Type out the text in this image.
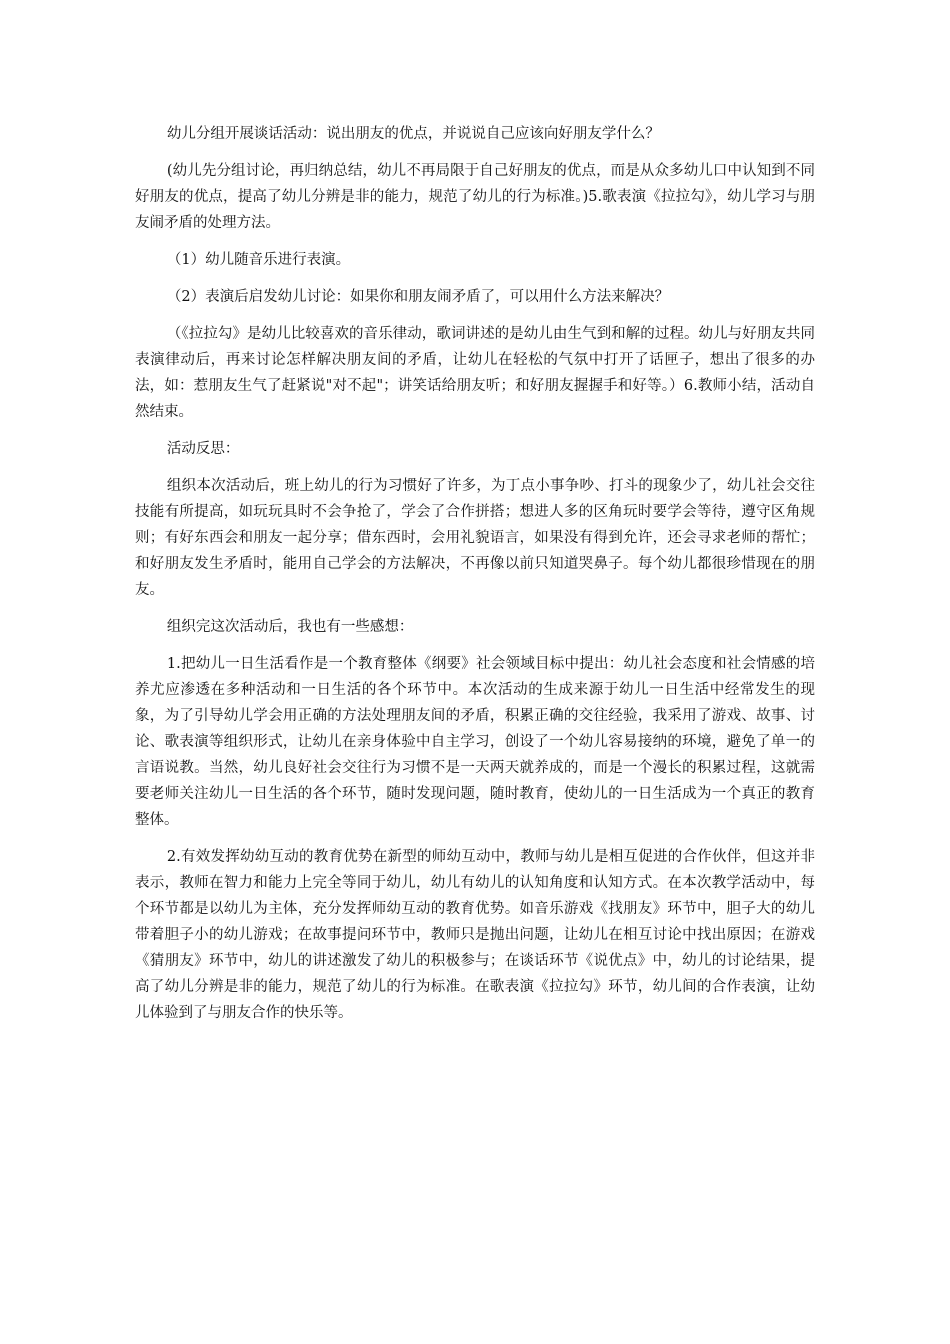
幼儿分组开展谈话活动：说出朋友的优点，并说说自己应该向好朋友学什么？

(幼儿先分组讨论，再归纳总结，幼儿不再局限于自己好朋友的优点，而是从众多幼儿口中认知到不同好朋友的优点，提高了幼儿分辨是非的能力，规范了幼儿的行为标准。)5.歌表演《拉拉勾》，幼儿学习与朋友闹矛盾的处理方法。

（1）幼儿随音乐进行表演。

（2）表演后启发幼儿讨论：如果你和朋友闹矛盾了，可以用什么方法来解决？

（《拉拉勾》是幼儿比较喜欢的音乐律动，歌词讲述的是幼儿由生气到和解的过程。幼儿与好朋友共同表演律动后，再来讨论怎样解决朋友间的矛盾，让幼儿在轻松的气氛中打开了话匣子，想出了很多的办法，如：惹朋友生气了赶紧说"对不起"；讲笑话给朋友听；和好朋友握握手和好等。）6.教师小结，活动自然结束。

活动反思：

组织本次活动后，班上幼儿的行为习惯好了许多，为丁点小事争吵、打斗的现象少了，幼儿社会交往技能有所提高，如玩玩具时不会争抢了，学会了合作拼搭；想进人多的区角玩时要学会等待，遵守区角规则；有好东西会和朋友一起分享；借东西时，会用礼貌语言，如果没有得到允许，还会寻求老师的帮忙；和好朋友发生矛盾时，能用自己学会的方法解决，不再像以前只知道哭鼻子。每个幼儿都很珍惜现在的朋友。

组织完这次活动后，我也有一些感想：

1.把幼儿一日生活看作是一个教育整体《纲要》社会领域目标中提出：幼儿社会态度和社会情感的培养尤应渗透在多种活动和一日生活的各个环节中。本次活动的生成来源于幼儿一日生活中经常发生的现象，为了引导幼儿学会用正确的方法处理朋友间的矛盾，积累正确的交往经验，我采用了游戏、故事、讨论、歌表演等组织形式，让幼儿在亲身体验中自主学习，创设了一个幼儿容易接纳的环境，避免了单一的言语说教。当然，幼儿良好社会交往行为习惯不是一天两天就养成的，而是一个漫长的积累过程，这就需要老师关注幼儿一日生活的各个环节，随时发现问题，随时教育，使幼儿的一日生活成为一个真正的教育整体。

2.有效发挥幼幼互动的教育优势在新型的师幼互动中，教师与幼儿是相互促进的合作伙伴，但这并非表示，教师在智力和能力上完全等同于幼儿，幼儿有幼儿的认知角度和认知方式。在本次教学活动中，每个环节都是以幼儿为主体，充分发挥师幼互动的教育优势。如音乐游戏《找朋友》环节中，胆子大的幼儿带着胆子小的幼儿游戏；在故事提问环节中，教师只是抛出问题，让幼儿在相互讨论中找出原因；在游戏《猜朋友》环节中，幼儿的讲述激发了幼儿的积极参与；在谈话环节《说优点》中，幼儿的讨论结果，提高了幼儿分辨是非的能力，规范了幼儿的行为标准。在歌表演《拉拉勾》环节，幼儿间的合作表演，让幼儿体验到了与朋友合作的快乐等。
